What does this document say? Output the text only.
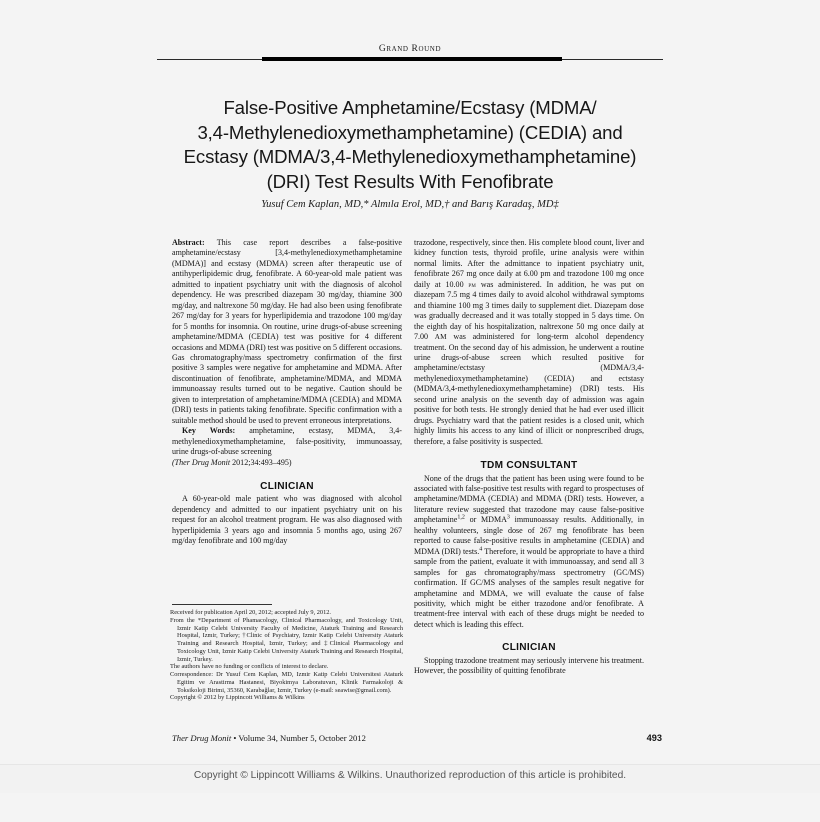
Grand Round
False-Positive Amphetamine/Ecstasy (MDMA/
3,4-Methylenedioxymethamphetamine) (CEDIA) and
Ecstasy (MDMA/3,4-Methylenedioxymethamphetamine)
(DRI) Test Results With Fenofibrate
Yusuf Cem Kaplan, MD,* Almıla Erol, MD,† and Barış Karadaş, MD‡

Abstract: This case report describes a false-positive amphetamine/ecstasy [3,4-methylenedioxymethamphetamine (MDMA)] and ecstasy (MDMA) screen after therapeutic use of antihyperlipidemic drug, fenofibrate. A 60-year-old male patient was admitted to inpatient psychiatry unit with the diagnosis of alcohol dependency. He was prescribed diazepam 30 mg/day, thiamine 300 mg/day, and naltrexone 50 mg/day. He had also been using fenofibrate 267 mg/day for 3 years for hyperlipidemia and trazodone 100 mg/day for 5 months for insomnia. On routine, urine drugs-of-abuse screening amphetamine/MDMA (CEDIA) test was positive for 4 different occasions and MDMA (DRI) test was positive on 5 different occasions. Gas chromatography/mass spectrometry confirmation of the first positive 3 samples were negative for amphetamine and MDMA. After discontinuation of fenofibrate, amphetamine/MDMA, and MDMA immunoassay results turned out to be negative. Caution should be given to interpretation of amphetamine/MDMA (CEDIA) and MDMA (DRI) tests in patients taking fenofibrate. Specific confirmation with a suitable method should be used to prevent erroneous interpretations.

Key Words: amphetamine, ecstasy, MDMA, 3,4-methylenedioxymethamphetamine, false-positivity, immunoassay, urine drugs-of-abuse screening

(Ther Drug Monit 2012;34:493–495)

CLINICIAN

A 60-year-old male patient who was diagnosed with alcohol dependency and admitted to our inpatient psychiatry unit on his request for an alcohol treatment program. He was also diagnosed with hyperlipidemia 3 years ago and insomnia 5 months ago, using 267 mg/day fenofibrate and 100 mg/day

trazodone, respectively, since then. His complete blood count, liver and kidney function tests, thyroid profile, urine analysis were within normal limits. After the admittance to inpatient psychiatry unit, fenofibrate 267 mg once daily at 6.00 pm and trazodone 100 mg once daily at 10.00 pm was administered. In addition, he was put on diazepam 7.5 mg 4 times daily to avoid alcohol withdrawal symptoms and thiamine 100 mg 3 times daily to supplement diet. Diazepam dose was gradually decreased and it was totally stopped in 5 days time. On the eighth day of his hospitalization, naltrexone 50 mg once daily at 7.00 AM was administered for long-term alcohol dependency treatment. On the second day of his admission, he underwent a routine urine drugs-of-abuse screen which resulted positive for amphetamine/ectstasy (MDMA/3,4-methylenedioxymethamphetamine) (CEDIA) and ectstasy (MDMA/3,4-methylenedioxymethamphetamine) (DRI) tests. His second urine analysis on the seventh day of admission was again positive for both tests. He strongly denied that he had ever used illicit drugs. Psychiatry ward that the patient resides is a closed unit, which highly limits his access to any kind of illicit or nonprescribed drugs, therefore, a false positivity is suspected.

TDM CONSULTANT

None of the drugs that the patient has been using were found to be associated with false-positive test results with regard to prospectuses of amphetamine/MDMA (CEDIA) and MDMA (DRI) tests. However, a literature review suggested that trazodone may cause false-positive amphetamine$^{1,2}$ or MDMA$^3$ immunoassay results. Additionally, in healthy volunteers, single dose of 267 mg fenofibrate has been reported to cause false-positive results in amphetamine (CEDIA) and MDMA (DRI) tests.$^4$ Therefore, it would be appropriate to have a third sample from the patient, evaluate it with immunoassay, and send all 3 samples for gas chromatography/mass spectrometry (GC/MS) confirmation. If GC/MS analyses of the samples result negative for amphetamine and MDMA, we will evaluate the cause of false positivity, which might be either trazodone and/or fenofibrate. A treatment-free interval with each of these drugs might be needed to detect which is leading this effect.

CLINICIAN

Stopping trazodone treatment may seriously intervene his treatment. However, the possibility of quitting fenofibrate

Received for publication April 20, 2012; accepted July 9, 2012.

From the *Department of Phamacology, Clinical Pharmacology, and Toxicology Unit, Izmir Katip Celebi University Faculty of Medicine, Ataturk Training and Research Hospital, Izmir, Turkey; †Clinic of Psychiatry, Izmir Katip Celebi University Ataturk Training and Research Hospital, Izmir, Turkey; and ‡Clinical Pharmacology and Toxicology Unit, Izmir Katip Celebi University Ataturk Training and Research Hospital, Izmir, Turkey.

The authors have no funding or conflicts of interest to declare.

Correspondence: Dr Yusuf Cem Kaplan, MD, Izmir Katip Celebi Universitesi Ataturk Egitim ve Arastirma Hastanesi, Biyokimya Laboratuvarı, Klinik Farmakoloji & Toksikoloji Birimi, 35360, Karabağlar, Izmir, Turkey (e-mail: seawise@gmail.com).

Copyright © 2012 by Lippincott Williams & Wilkins

493
Ther Drug Monit • Volume 34, Number 5, October 2012
Copyright © Lippincott Williams & Wilkins. Unauthorized reproduction of this article is prohibited.
